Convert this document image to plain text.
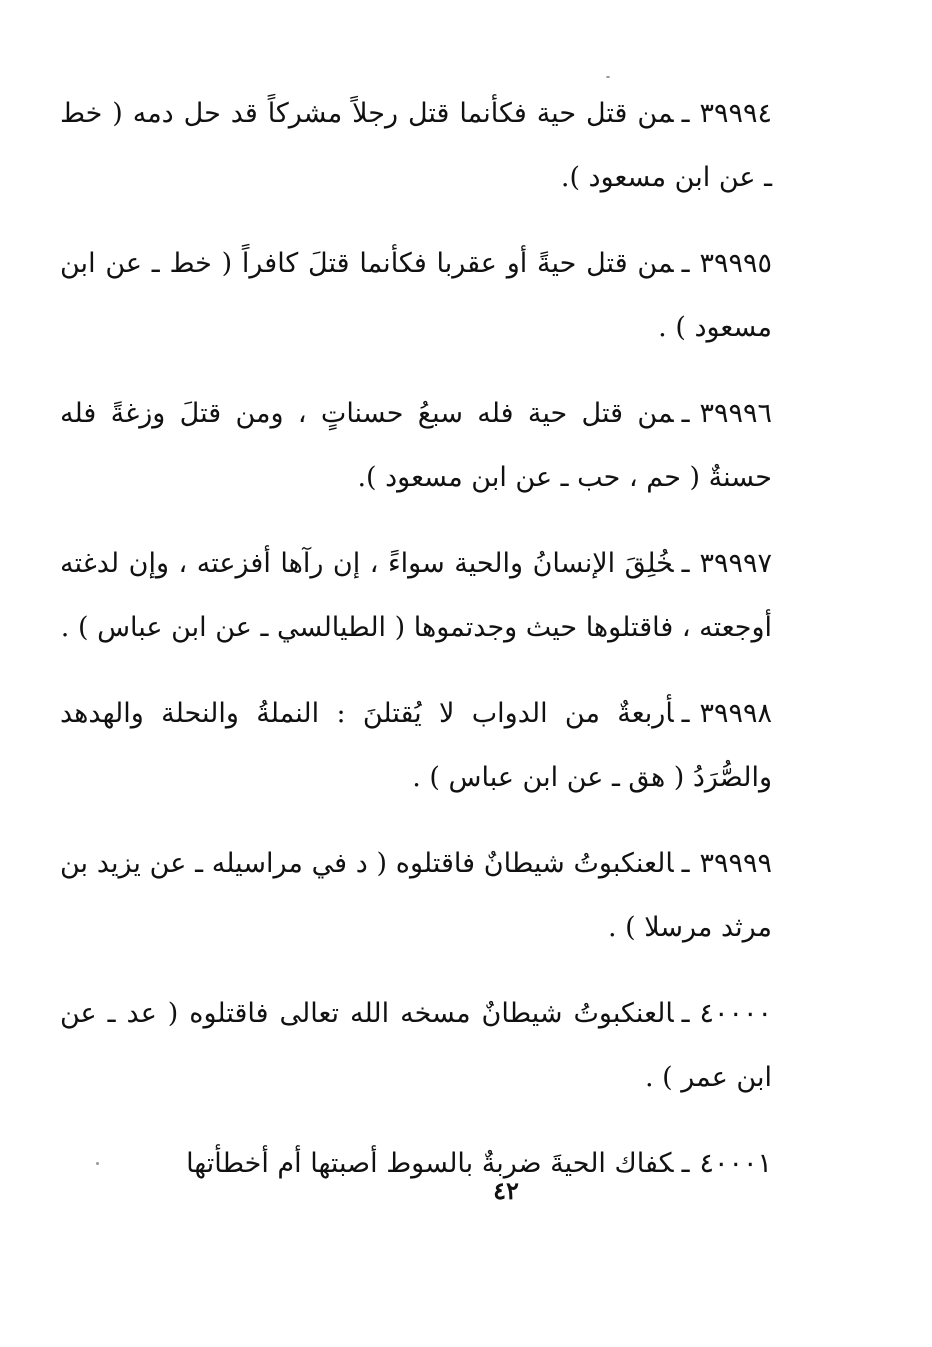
٣٩٩٩٤ـمن قتل حية فكأنما قتل رجلاً مشركاً قد حل دمه ( خط ـ عن ابن مسعود ).

٣٩٩٩٥ـمن قتل حيةً أو عقربا فكأنما قتلَ كافراً ( خط ـ عن ابن مسعود ) .

٣٩٩٩٦ـمن قتل حية فله سبعُ حسناتٍ ، ومن قتلَ وزغةً فله حسنةٌ ( حم ، حب ـ عن ابن مسعود ).

٣٩٩٩٧ـخُلِقَ الإنسانُ والحية سواءً ، إن رآها أفزعته ، وإن لدغته أوجعته ، فاقتلوها حيث وجدتموها ( الطيالسي ـ عن ابن عباس ) .

٣٩٩٩٨ـأربعةٌ من الدواب لا يُقتلنَ : النملةُ والنحلة والهدهد والصُّرَدُ ( هق ـ عن ابن عباس ) .

٣٩٩٩٩ـالعنكبوتُ شيطانٌ فاقتلوه ( د في مراسيله ـ عن يزيد بن مرثد مرسلا ) .

٤٠٠٠٠ـالعنكبوتُ شيطانٌ مسخه الله تعالى فاقتلوه ( عد ـ عن ابن عمر ) .

٤٠٠٠١ـكفاك الحيةَ ضربةٌ بالسوط أصبتها أم أخطأتها

٤٢
